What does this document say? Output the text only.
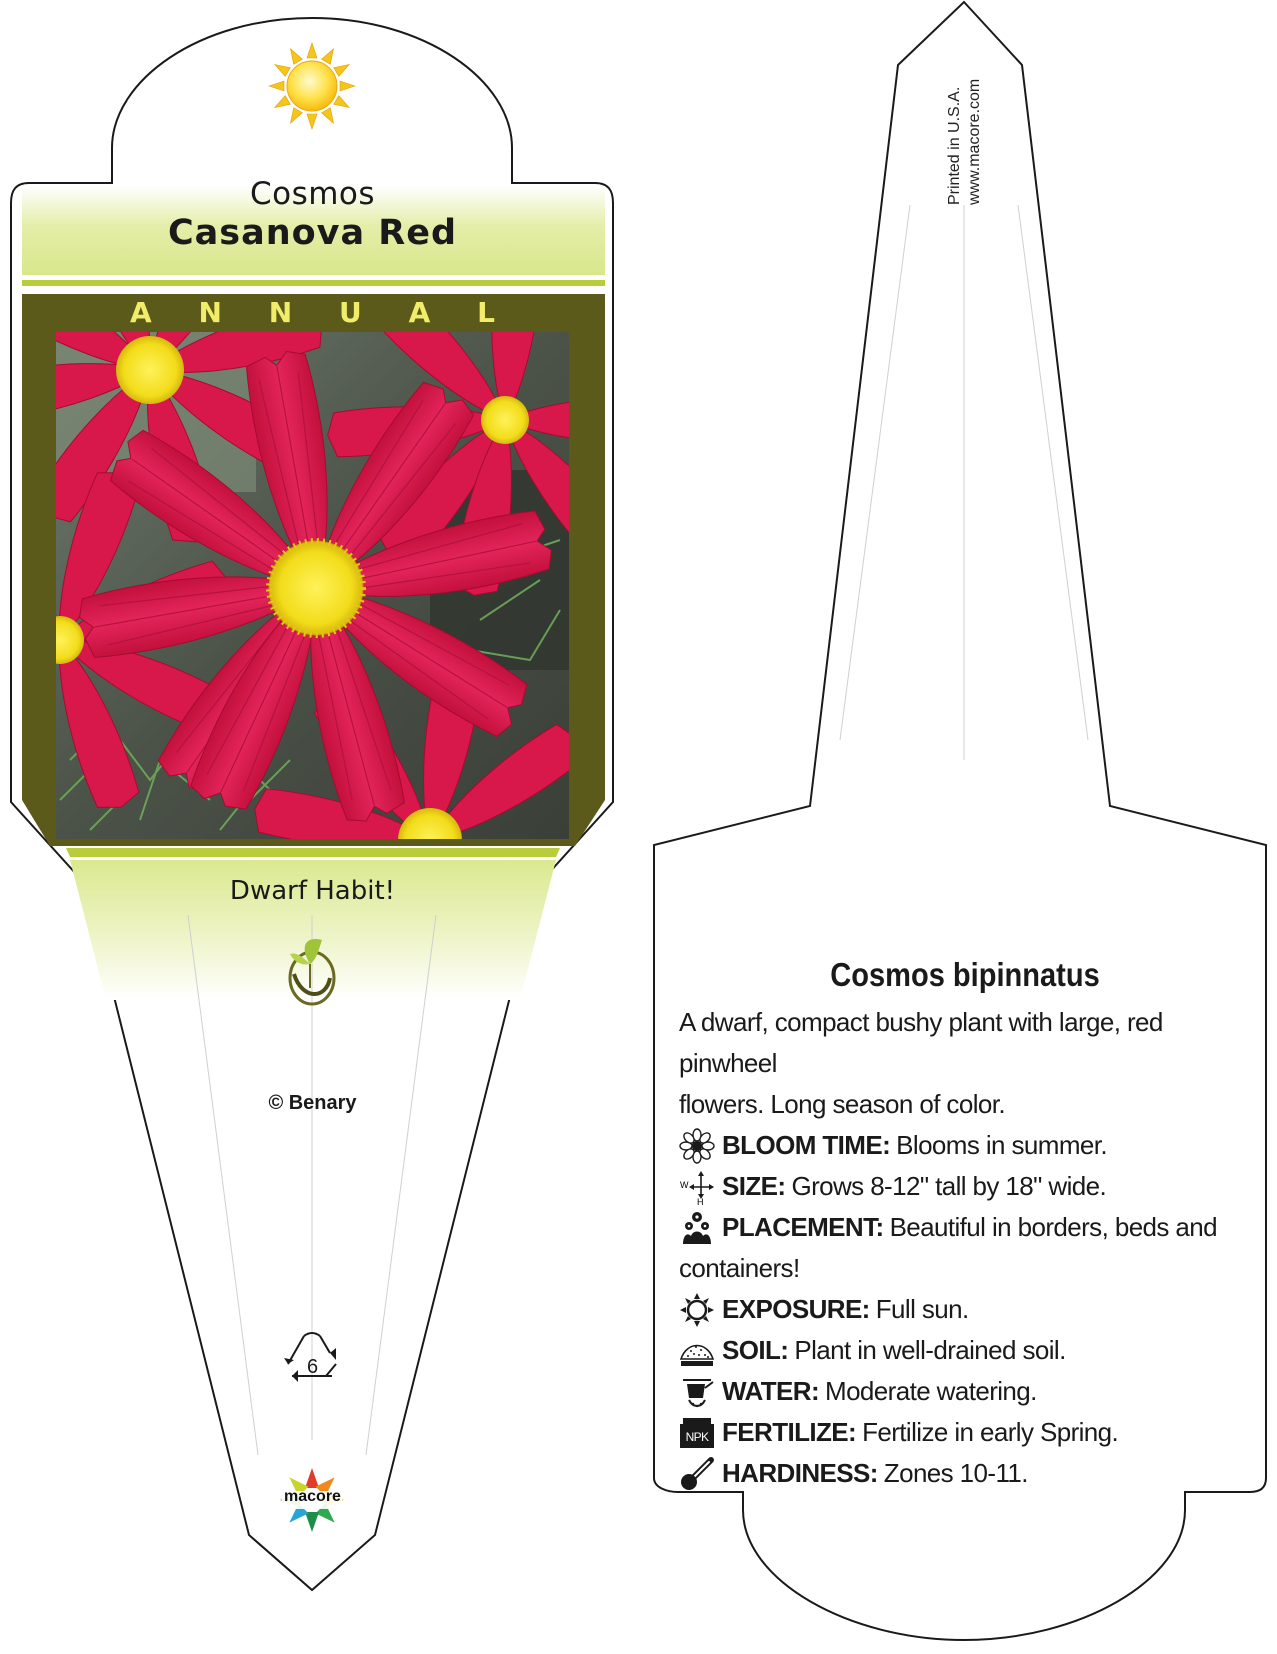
Cosmos
Casanova Red
A N N U A L
Dwarf Habit!
© Benary
6
macore
Printed in U.S.A. www.macore.com
Cosmos bipinnatus
A dwarf, compact bushy plant with large, red pinwheel
flowers. Long season of color.
BLOOM TIME: Blooms in summer.
W
H
SIZE: Grows 8-12" tall by 18" wide.
PLACEMENT: Beautiful in borders, beds and
containers!
EXPOSURE: Full sun.
SOIL: Plant in well-drained soil.
WATER: Moderate watering.
NPK FERTILIZE: Fertilize in early Spring.
HARDINESS: Zones 10-11.
